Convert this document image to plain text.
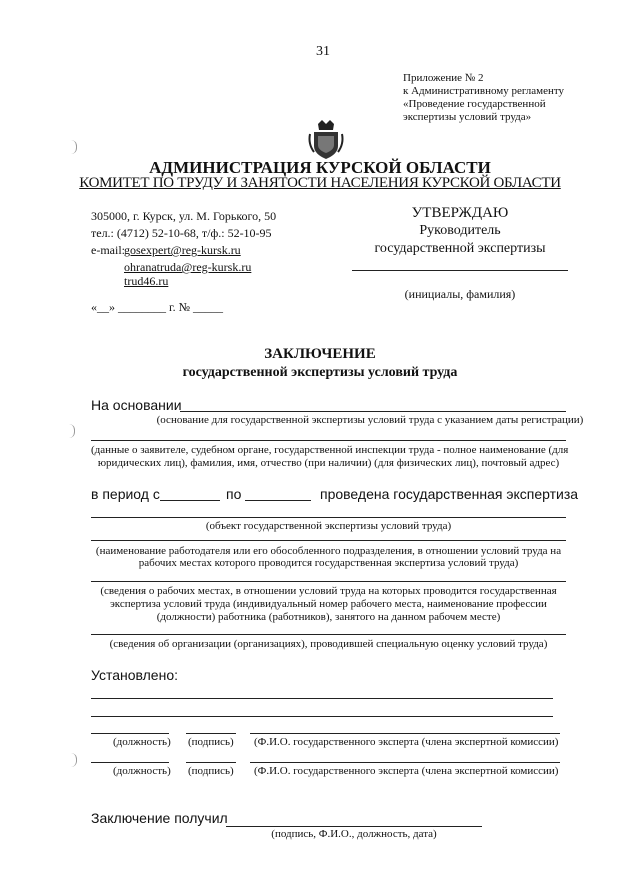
31
Приложение № 2
к Административному регламенту
«Проведение государственной
экспертизы условий труда»
АДМИНИСТРАЦИЯ КУРСКОЙ ОБЛАСТИ
КОМИТЕТ ПО ТРУДУ И ЗАНЯТОСТИ НАСЕЛЕНИЯ КУРСКОЙ ОБЛАСТИ
305000, г. Курск, ул. М. Горького, 50
тел.: (4712) 52-10-68, т/ф.: 52-10-95
e-mail: gosexpert@reg-kursk.ru
ohranatruda@reg-kursk.ru
trud46.ru
«__» ________ г. № _____
УТВЕРЖДАЮ
Руководитель
государственной экспертизы
(инициалы, фамилия)
ЗАКЛЮЧЕНИЕ
государственной экспертизы условий труда
На основании
(основание для государственной экспертизы условий труда с указанием даты регистрации)
(данные о заявителе, судебном органе, государственной инспекции труда - полное наименование (для
юридических лиц), фамилия, имя, отчество (при наличии) (для физических лиц), почтовый адрес)
в период с	по	проведена государственная экспертиза
(объект государственной экспертизы условий труда)
(наименование работодателя или его обособленного подразделения, в отношении условий труда на
рабочих местах которого проводится государственная экспертиза условий труда)
(сведения о рабочих местах, в отношении условий труда на которых проводится государственная
экспертиза условий труда (индивидуальный номер рабочего места, наименование профессии
(должности) работника (работников), занятого на данном рабочем месте)
(сведения об организации (организациях), проводившей специальную оценку условий труда)
Установлено:
(должность) (подпись) (Ф.И.О. государственного эксперта (члена экспертной комиссии)
(должность) (подпись) (Ф.И.О. государственного эксперта (члена экспертной комиссии)
Заключение получил
(подпись, Ф.И.О., должность, дата)
